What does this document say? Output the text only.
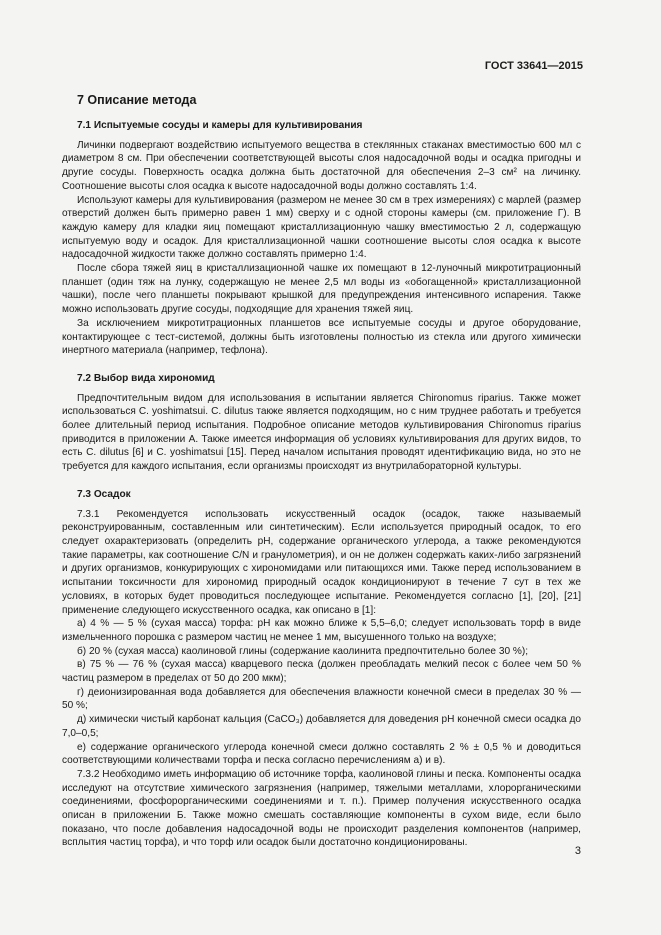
ГОСТ 33641—2015
7 Описание метода
7.1 Испытуемые сосуды и камеры для культивирования

Личинки подвергают воздействию испытуемого вещества в стеклянных стаканах вместимостью 600 мл с диаметром 8 см. При обеспечении соответствующей высоты слоя надосадочной воды и осадка пригодны и другие сосуды. Поверхность осадка должна быть достаточной для обеспечения 2–3 см² на личинку. Соотношение высоты слоя осадка к высоте надосадочной воды должно составлять 1:4.

Используют камеры для культивирования (размером не менее 30 см в трех измерениях) с марлей (размер отверстий должен быть примерно равен 1 мм) сверху и с одной стороны камеры (см. приложение Г). В каждую камеру для кладки яиц помещают кристаллизационную чашку вместимостью 2 л, содержащую испытуемую воду и осадок. Для кристаллизационной чашки соотношение высоты слоя осадка к высоте надосадочной жидкости также должно составлять примерно 1:4.

После сбора тяжей яиц в кристаллизационной чашке их помещают в 12-луночный микротитрационный планшет (один тяж на лунку, содержащую не менее 2,5 мл воды из «обогащенной» кристаллизационной чашки), после чего планшеты покрывают крышкой для предупреждения интенсивного испарения. Также можно использовать другие сосуды, подходящие для хранения тяжей яиц.

За исключением микротитрационных планшетов все испытуемые сосуды и другое оборудование, контактирующее с тест-системой, должны быть изготовлены полностью из стекла или другого химически инертного материала (например, тефлона).

7.2 Выбор вида хирономид

Предпочтительным видом для использования в испытании является Chironomus riparius. Также может использоваться C. yoshimatsui. C. dilutus также является подходящим, но с ним труднее работать и требуется более длительный период испытания. Подробное описание методов культивирования Chironomus riparius приводится в приложении А. Также имеется информация об условиях культивирования для других видов, то есть C. dilutus [6] и C. yoshimatsui [15]. Перед началом испытания проводят идентификацию вида, но это не требуется для каждого испытания, если организмы происходят из внутрилабораторной культуры.

7.3 Осадок

7.3.1 Рекомендуется использовать искусственный осадок (осадок, также называемый реконструированным, составленным или синтетическим). Если используется природный осадок, то его следует охарактеризовать (определить pH, содержание органического углерода, а также рекомендуются такие параметры, как соотношение C/N и гранулометрия), и он не должен содержать каких-либо загрязнений и других организмов, конкурирующих с хирономидами или питающихся ими. Также перед использованием в испытании токсичности для хирономид природный осадок кондиционируют в течение 7 сут в тех же условиях, в которых будет проводиться последующее испытание. Рекомендуется согласно [1], [20], [21] применение следующего искусственного осадка, как описано в [1]:

а) 4 % — 5 % (сухая масса) торфа: pH как можно ближе к 5,5–6,0; следует использовать торф в виде измельченного порошка с размером частиц не менее 1 мм, высушенного только на воздухе;

б) 20 % (сухая масса) каолиновой глины (содержание каолинита предпочтительно более 30 %);

в) 75 % — 76 % (сухая масса) кварцевого песка (должен преобладать мелкий песок с более чем 50 % частиц размером в пределах от 50 до 200 мкм);

г) деионизированная вода добавляется для обеспечения влажности конечной смеси в пределах 30 % — 50 %;

д) химически чистый карбонат кальция (CaCO₃) добавляется для доведения pH конечной смеси осадка до 7,0–0,5;

е) содержание органического углерода конечной смеси должно составлять 2 % ± 0,5 % и доводиться соответствующими количествами торфа и песка согласно перечислениям а) и в).

7.3.2 Необходимо иметь информацию об источнике торфа, каолиновой глины и песка. Компоненты осадка исследуют на отсутствие химического загрязнения (например, тяжелыми металлами, хлорорганическими соединениями, фосфорорганическими соединениями и т. п.). Пример получения искусственного осадка описан в приложении Б. Также можно смешать составляющие компоненты в сухом виде, если было показано, что после добавления надосадочной воды не происходит разделения компонентов (например, всплытия частиц торфа), и что торф или осадок были достаточно кондиционированы.

3
